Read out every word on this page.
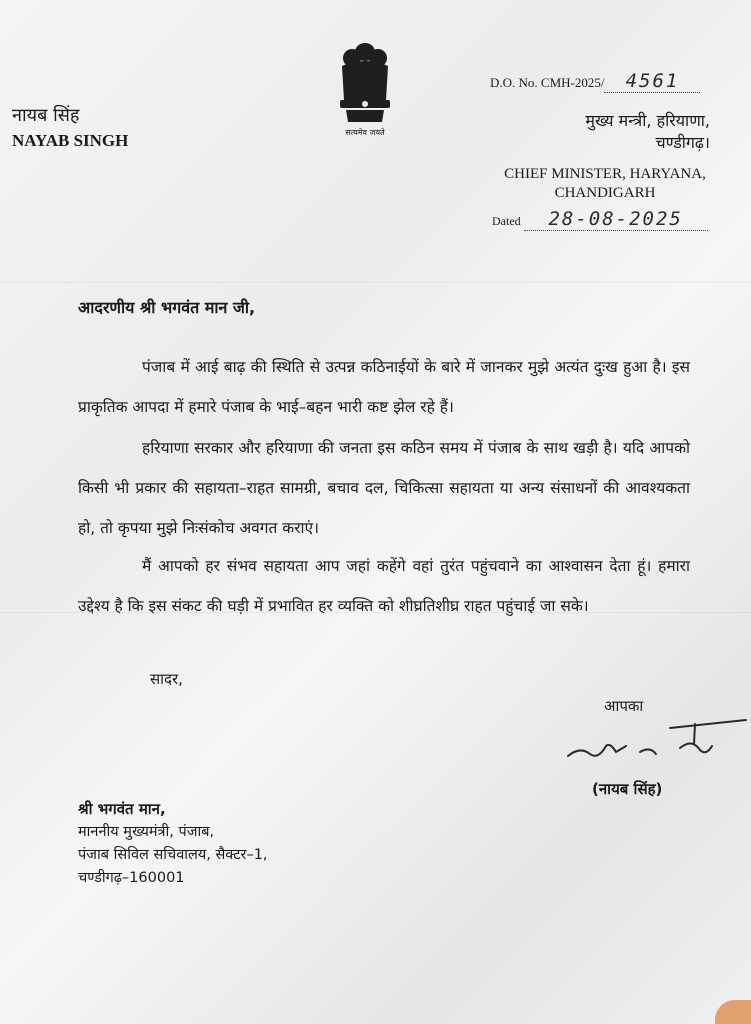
सत्यमेव जयते
नायब सिंह
NAYAB SINGH
D.O. No. CMH-2025/ 4561
मुख्य मन्त्री, हरियाणा,
चण्डीगढ़।
CHIEF MINISTER, HARYANA,
CHANDIGARH
Dated 28-08-2025
आदरणीय श्री भगवंत मान जी,
पंजाब में आई बाढ़ की स्थिति से उत्पन्न कठिनाईयों के बारे में जानकर मुझे अत्यंत दुःख हुआ है। इस प्राकृतिक आपदा में हमारे पंजाब के भाई–बहन भारी कष्ट झेल रहे हैं।
हरियाणा सरकार और हरियाणा की जनता इस कठिन समय में पंजाब के साथ खड़ी है। यदि आपको किसी भी प्रकार की सहायता–राहत सामग्री, बचाव दल, चिकित्सा सहायता या अन्य संसाधनों की आवश्यकता हो, तो कृपया मुझे निःसंकोच अवगत कराएं।
मैं आपको हर संभव सहायता आप जहां कहेंगे वहां तुरंत पहुंचवाने का आश्वासन देता हूं। हमारा उद्देश्य है कि इस संकट की घड़ी में प्रभावित हर व्यक्ति को शीघ्रतिशीघ्र राहत पहुंचाई जा सके।
सादर,
आपका
(नायब सिंह)
श्री भगवंत मान,
माननीय मुख्यमंत्री, पंजाब,
पंजाब सिविल सचिवालय, सैक्टर–1,
चण्डीगढ़–160001
